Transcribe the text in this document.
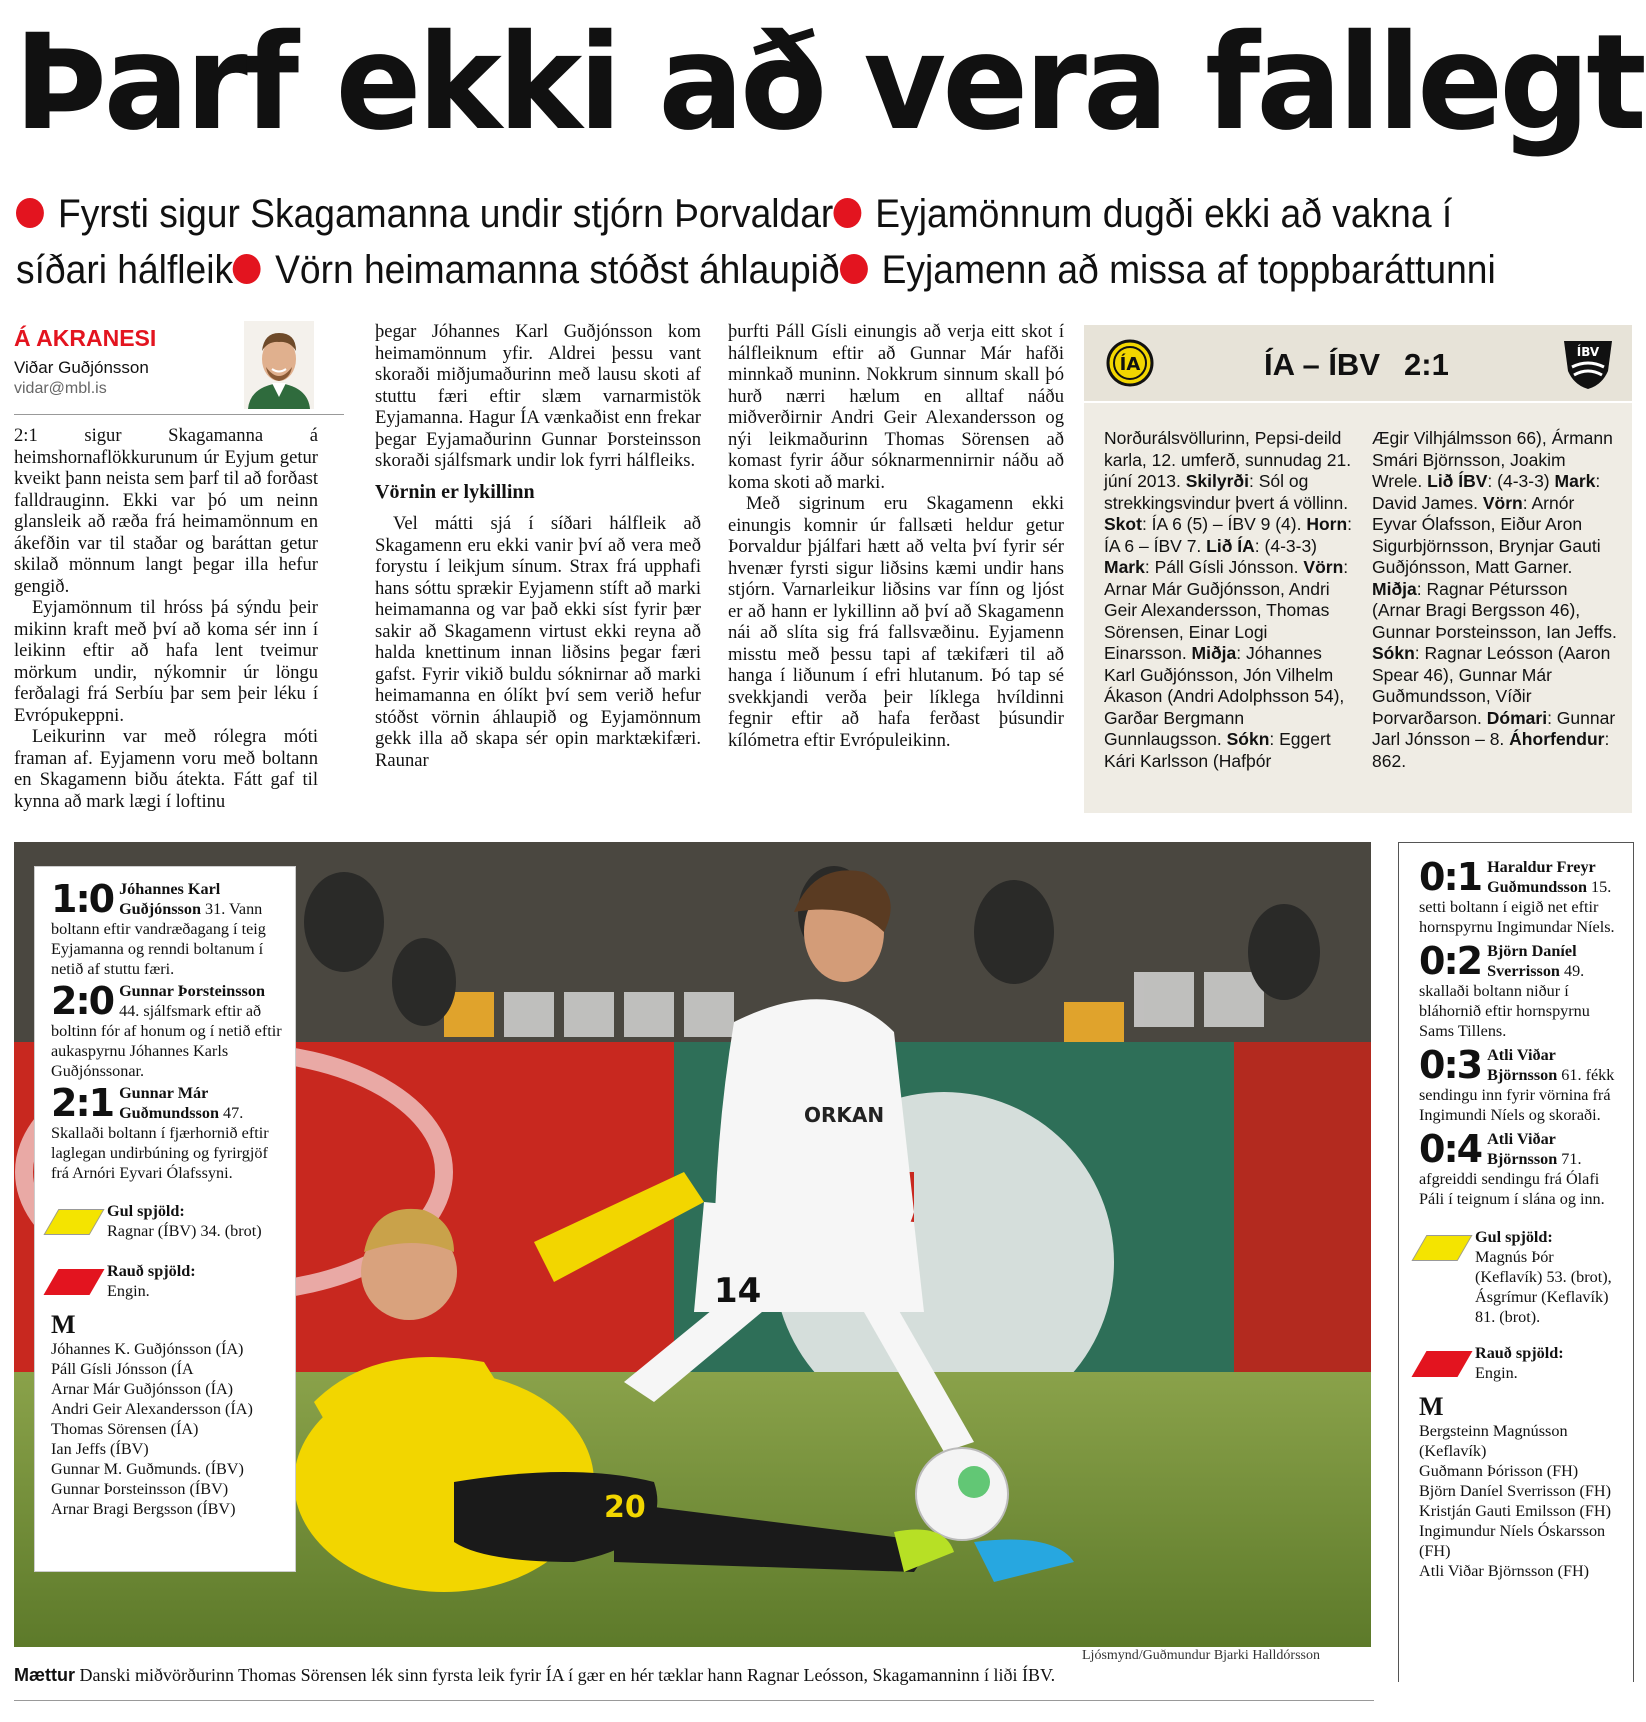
Þarf ekki að vera fallegt
Fyrsti sigur Skagamanna undir stjórn Þorvaldar Eyjamönnum dugði ekki að vakna í síðari hálfleik Vörn heimamanna stóðst áhlaupið Eyjamenn að missa af toppbaráttunni
Á AKRANESI
Viðar Guðjónsson
vidar@mbl.is

2:1 sigur Skagamanna á heimshornaflökkurunum úr Eyjum getur kveikt þann neista sem þarf til að forðast falldrauginn. Ekki var þó um neinn glansleik að ræða frá heimamönnum en ákefðin var til staðar og baráttan getur skilað mönnum langt þegar illa hefur gengið.

Eyjamönnum til hróss þá sýndu þeir mikinn kraft með því að koma sér inn í leikinn eftir að hafa lent tveimur mörkum undir, nýkomnir úr löngu ferðalagi frá Serbíu þar sem þeir léku í Evrópukeppni.

Leikurinn var með rólegra móti framan af. Eyjamenn voru með boltann en Skagamenn biðu átekta. Fátt gaf til kynna að mark lægi í loftinu

þegar Jóhannes Karl Guðjónsson kom heimamönnum yfir. Aldrei þessu vant skoraði miðjumaðurinn með lausu skoti af stuttu færi eftir slæm varnarmistök Eyjamanna. Hagur ÍA vænkaðist enn frekar þegar Eyjamaðurinn Gunnar Þorsteinsson skoraði sjálfsmark undir lok fyrri hálfleiks.

Vörnin er lykillinn

Vel mátti sjá í síðari hálfleik að Skagamenn eru ekki vanir því að vera með forystu í leikjum sínum. Strax frá upphafi hans sóttu sprækir Eyjamenn stíft að marki heimamanna og var það ekki síst fyrir þær sakir að Skagamenn virtust ekki reyna að halda knettinum innan liðsins þegar færi gafst. Fyrir vikið buldu sóknirnar að marki heimamanna en ólíkt því sem verið hefur stóðst vörnin áhlaupið og Eyjamönnum gekk illa að skapa sér opin marktækifæri. Raunar

þurfti Páll Gísli einungis að verja eitt skot í hálfleiknum eftir að Gunnar Már hafði minnkað muninn. Nokkrum sinnum skall þó hurð nærri hælum en alltaf náðu miðverðirnir Andri Geir Alexandersson og nýi leikmaðurinn Thomas Sörensen að komast fyrir áður sóknarmennirnir náðu að koma skoti að marki.

Með sigrinum eru Skagamenn ekki einungis komnir úr fallsæti heldur getur Þorvaldur þjálfari hætt að velta því fyrir sér hvenær fyrsti sigur liðsins kæmi undir hans stjórn. Varnarleikur liðsins var fínn og ljóst er að hann er lykillinn að því að Skagamenn nái að slíta sig frá fallsvæðinu. Eyjamenn misstu með þessu tapi af tækifæri til að hanga í liðunum í efri hlutanum. Þó tap sé svekkjandi verða þeir líklega hvíldinni fegnir eftir að hafa ferðast þúsundir kílómetra eftir Evrópuleikinn.

ÍA	ÍA – ÍBV 2:1	ÍBV
Norðurálsvöllurinn, Pepsi-deild karla, 12. umferð, sunnudag 21. júní 2013. Skilyrði: Sól og strekkingsvindur þvert á völlinn. Skot: ÍA 6 (5) – ÍBV 9 (4). Horn: ÍA 6 – ÍBV 7. Lið ÍA: (4-3-3) Mark: Páll Gísli Jónsson. Vörn: Arnar Már Guðjónsson, Andri Geir Alexandersson, Thomas Sörensen, Einar Logi Einarsson. Miðja: Jóhannes Karl Guðjónsson, Jón Vilhelm Ákason (Andri Adolphsson 54), Garðar Bergmann Gunnlaugsson. Sókn: Eggert Kári Karlsson (Hafþór
Ægir Vilhjálmsson 66), Ármann Smári Björnsson, Joakim Wrele. Lið ÍBV: (4-3-3) Mark: David James. Vörn: Arnór Eyvar Ólafsson, Eiður Aron Sigurbjörnsson, Brynjar Gauti Guðjónsson, Matt Garner. Miðja: Ragnar Pétursson (Arnar Bragi Bergsson 46), Gunnar Þorsteinsson, Ian Jeffs. Sókn: Ragnar Leósson (Aaron Spear 46), Gunnar Már Guðmundsson, Víðir Þorvarðarson. Dómari: Gunnar Jarl Jónsson – 8. Áhorfendur: 862.
20
ORKAN
14
1:0 Jóhannes Karl Guðjónsson 31. Vann boltann eftir vandræðagang í teig Eyjamanna og renndi boltanum í netið af stuttu færi.
2:0 Gunnar Þorsteinsson 44. sjálfsmark eftir að boltinn fór af honum og í netið eftir aukaspyrnu Jóhannes Karls Guðjónssonar.
2:1 Gunnar Már Guðmundsson 47. Skallaði boltann í fjærhornið eftir laglegan undirbúning og fyrirgjöf frá Arnóri Eyvari Ólafssyni.
Gul spjöld:
Ragnar (ÍBV) 34. (brot)
Rauð spjöld:
Engin.
M
Jóhannes K. Guðjónsson (ÍA)
Páll Gísli Jónsson (ÍA
Arnar Már Guðjónsson (ÍA)
Andri Geir Alexandersson (ÍA)
Thomas Sörensen (ÍA)
Ian Jeffs (ÍBV)
Gunnar M. Guðmunds. (ÍBV)
Gunnar Þorsteinsson (ÍBV)
Arnar Bragi Bergsson (ÍBV)
0:1 Haraldur Freyr Guðmundsson 15. setti boltann í eigið net eftir hornspyrnu Ingimundar Níels.
0:2 Björn Daníel Sverrisson 49. skallaði boltann niður í bláhornið eftir hornspyrnu Sams Tillens.
0:3 Atli Viðar Björnsson 61. fékk sendingu inn fyrir vörnina frá Ingimundi Níels og skoraði.
0:4 Atli Viðar Björnsson 71. afgreiddi sendingu frá Ólafi Páli í teignum í slána og inn.
Gul spjöld:
Magnús Þór (Keflavík) 53. (brot), Ásgrímur (Keflavík) 81. (brot).
Rauð spjöld:
Engin.
M
Bergsteinn Magnússon (Keflavík)
Guðmann Þórisson (FH)
Björn Daníel Sverrisson (FH)
Kristján Gauti Emilsson (FH)
Ingimundur Níels Óskarsson (FH)
Atli Viðar Björnsson (FH)
Ljósmynd/Guðmundur Bjarki Halldórsson
Mættur Danski miðvörðurinn Thomas Sörensen lék sinn fyrsta leik fyrir ÍA í gær en hér tæklar hann Ragnar Leósson, Skagamanninn í liði ÍBV.
